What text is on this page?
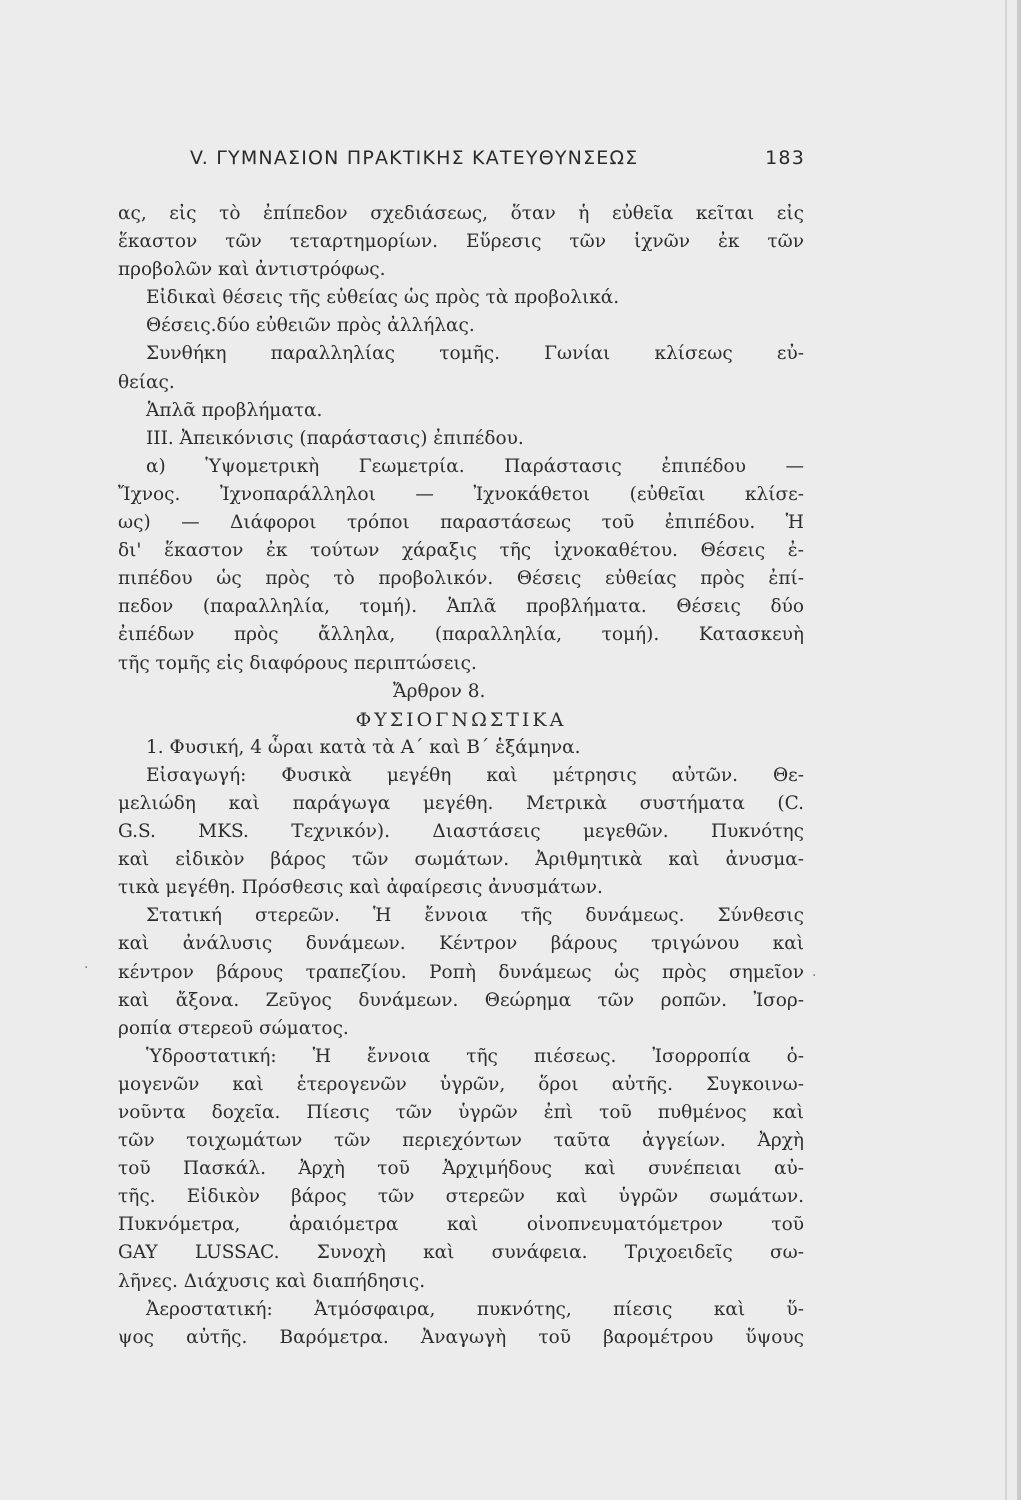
V. ΓΥΜΝΑΣΙΟΝ ΠΡΑΚΤΙΚΗΣ ΚΑΤΕΥΘΥΝΣΕΩΣ	183
ας, εἰς τὸ ἐπίπεδον σχεδιάσεως, ὅταν ἡ εὐθεῖα κεῖται εἰς
ἕκαστον τῶν τεταρτημορίων. Εὕρεσις τῶν ἰχνῶν ἐκ τῶν
προβολῶν καὶ ἀντιστρόφως.
Εἰδικαὶ θέσεις τῆς εὐθείας ὡς πρὸς τὰ προβολικά.
Θέσεις.δύο εὐθειῶν πρὸς ἀλλήλας.
Συνθήκη παραλληλίας τομῆς. Γωνίαι κλίσεως εὐ-
θείας.
Ἁπλᾶ προβλήματα.
III. Ἀπεικόνισις (παράστασις) ἐπιπέδου.
α) Ὑψομετρικὴ Γεωμετρία. Παράστασις ἐπιπέδου —
Ἴχνος. Ἰχνοπαράλληλοι — Ἰχνοκάθετοι (εὐθεῖαι κλίσε-
ως) — Διάφοροι τρόποι παραστάσεως τοῦ ἐπιπέδου. Ἡ
δι' ἕκαστον ἐκ τούτων χάραξις τῆς ἰχνοκαθέτου. Θέσεις ἐ-
πιπέδου ὡς πρὸς τὸ προβολικόν. Θέσεις εὐθείας πρὸς ἐπί-
πεδον (παραλληλία, τομή). Ἁπλᾶ προβλήματα. Θέσεις δύο
ἐιπέδων πρὸς ἄλληλα, (παραλληλία, τομή). Κατασκευὴ
τῆς τομῆς εἰς διαφόρους περιπτώσεις.
Ἄρθρον 8.
ΦΥΣΙΟΓΝΩΣΤΙΚΑ
1. Φυσική, 4 ὧραι κατὰ τὰ Α΄ καὶ Β΄ ἑξάμηνα.
Εἰσαγωγή: Φυσικὰ μεγέθη καὶ μέτρησις αὐτῶν. Θε-
μελιώδη καὶ παράγωγα μεγέθη. Μετρικὰ συστήματα (C.
G.S. MKS. Τεχνικόν). Διαστάσεις μεγεθῶν. Πυκνότης
καὶ εἰδικὸν βάρος τῶν σωμάτων. Ἀριθμητικὰ καὶ ἀνυσμα-
τικὰ μεγέθη. Πρόσθεσις καὶ ἀφαίρεσις ἀνυσμάτων.
Στατική στερεῶν. Ἡ ἔννοια τῆς δυνάμεως. Σύνθεσις
καὶ ἀνάλυσις δυνάμεων. Κέντρον βάρους τριγώνου καὶ
κέντρον βάρους τραπεζίου. Ροπὴ δυνάμεως ὡς πρὸς σημεῖον
καὶ ἄξονα. Ζεῦγος δυνάμεων. Θεώρημα τῶν ροπῶν. Ἰσορ-
ροπία στερεοῦ σώματος.
Ὑδροστατική: Ἡ ἔννοια τῆς πιέσεως. Ἰσορροπία ὁ-
μογενῶν καὶ ἑτερογενῶν ὑγρῶν, ὅροι αὐτῆς. Συγκοινω-
νοῦντα δοχεῖα. Πίεσις τῶν ὑγρῶν ἐπὶ τοῦ πυθμένος καὶ
τῶν τοιχωμάτων τῶν περιεχόντων ταῦτα ἀγγείων. Ἀρχὴ
τοῦ Πασκάλ. Ἀρχὴ τοῦ Ἀρχιμήδους καὶ συνέπειαι αὐ-
τῆς. Εἰδικὸν βάρος τῶν στερεῶν καὶ ὑγρῶν σωμάτων.
Πυκνόμετρα, ἀραιόμετρα καὶ οἰνοπνευματόμετρον τοῦ
GAY LUSSAC. Συνοχὴ καὶ συνάφεια. Τριχοειδεῖς σω-
λῆνες. Διάχυσις καὶ διαπήδησις.
Ἀεροστατική: Ἀτμόσφαιρα, πυκνότης, πίεσις καὶ ὕ-
ψος αὐτῆς. Βαρόμετρα. Ἀναγωγὴ τοῦ βαρομέτρου ὕψους
·	.
